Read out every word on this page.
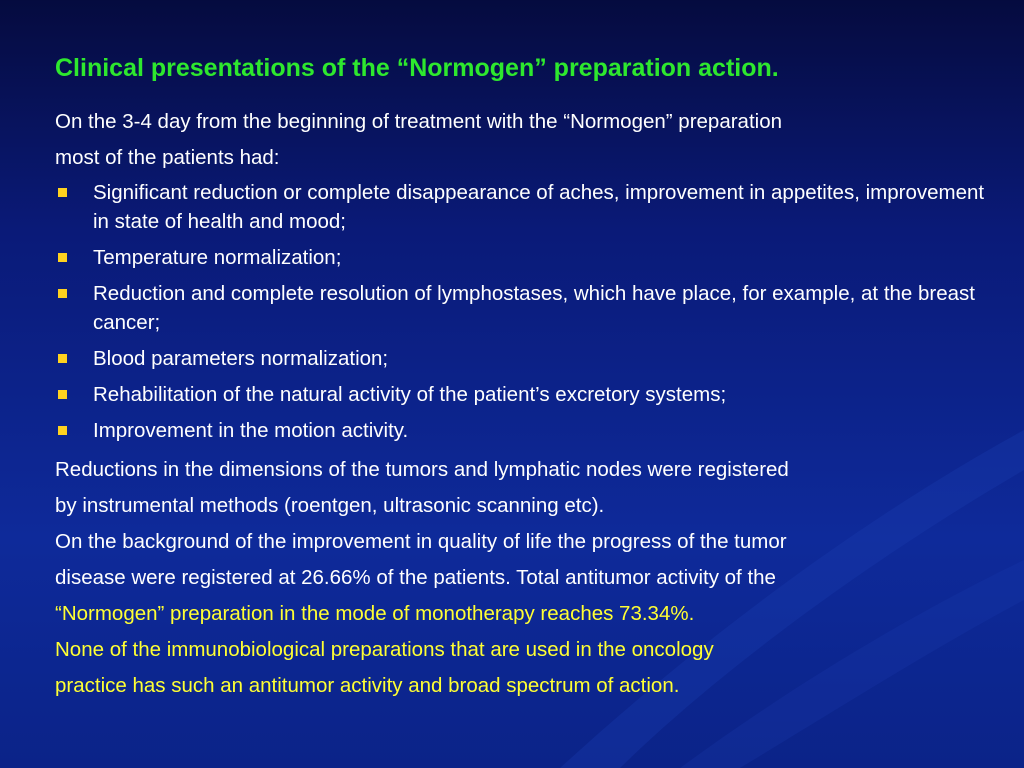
Clinical presentations of the “Normogen” preparation action.

On the 3-4 day from the beginning of treatment with the “Normogen” preparation

most of the patients had:

Significant reduction or complete disappearance of aches, improvement in appetites, improvement in state of health and mood;
Temperature normalization;
Reduction and complete resolution of lymphostases, which have place, for example, at the breast cancer;
Blood parameters normalization;
Rehabilitation of the natural activity of the patient’s excretory systems;
Improvement in the motion activity.

Reductions in the dimensions of the tumors and lymphatic nodes were registered

by instrumental methods (roentgen, ultrasonic scanning etc).

On the background of the improvement in quality of life the progress of the tumor

disease were registered at 26.66% of the patients. Total antitumor activity of the

“Normogen” preparation in the mode of monotherapy reaches 73.34%.

None of the immunobiological preparations that are used in the oncology

practice has such an antitumor activity and broad spectrum of action.
